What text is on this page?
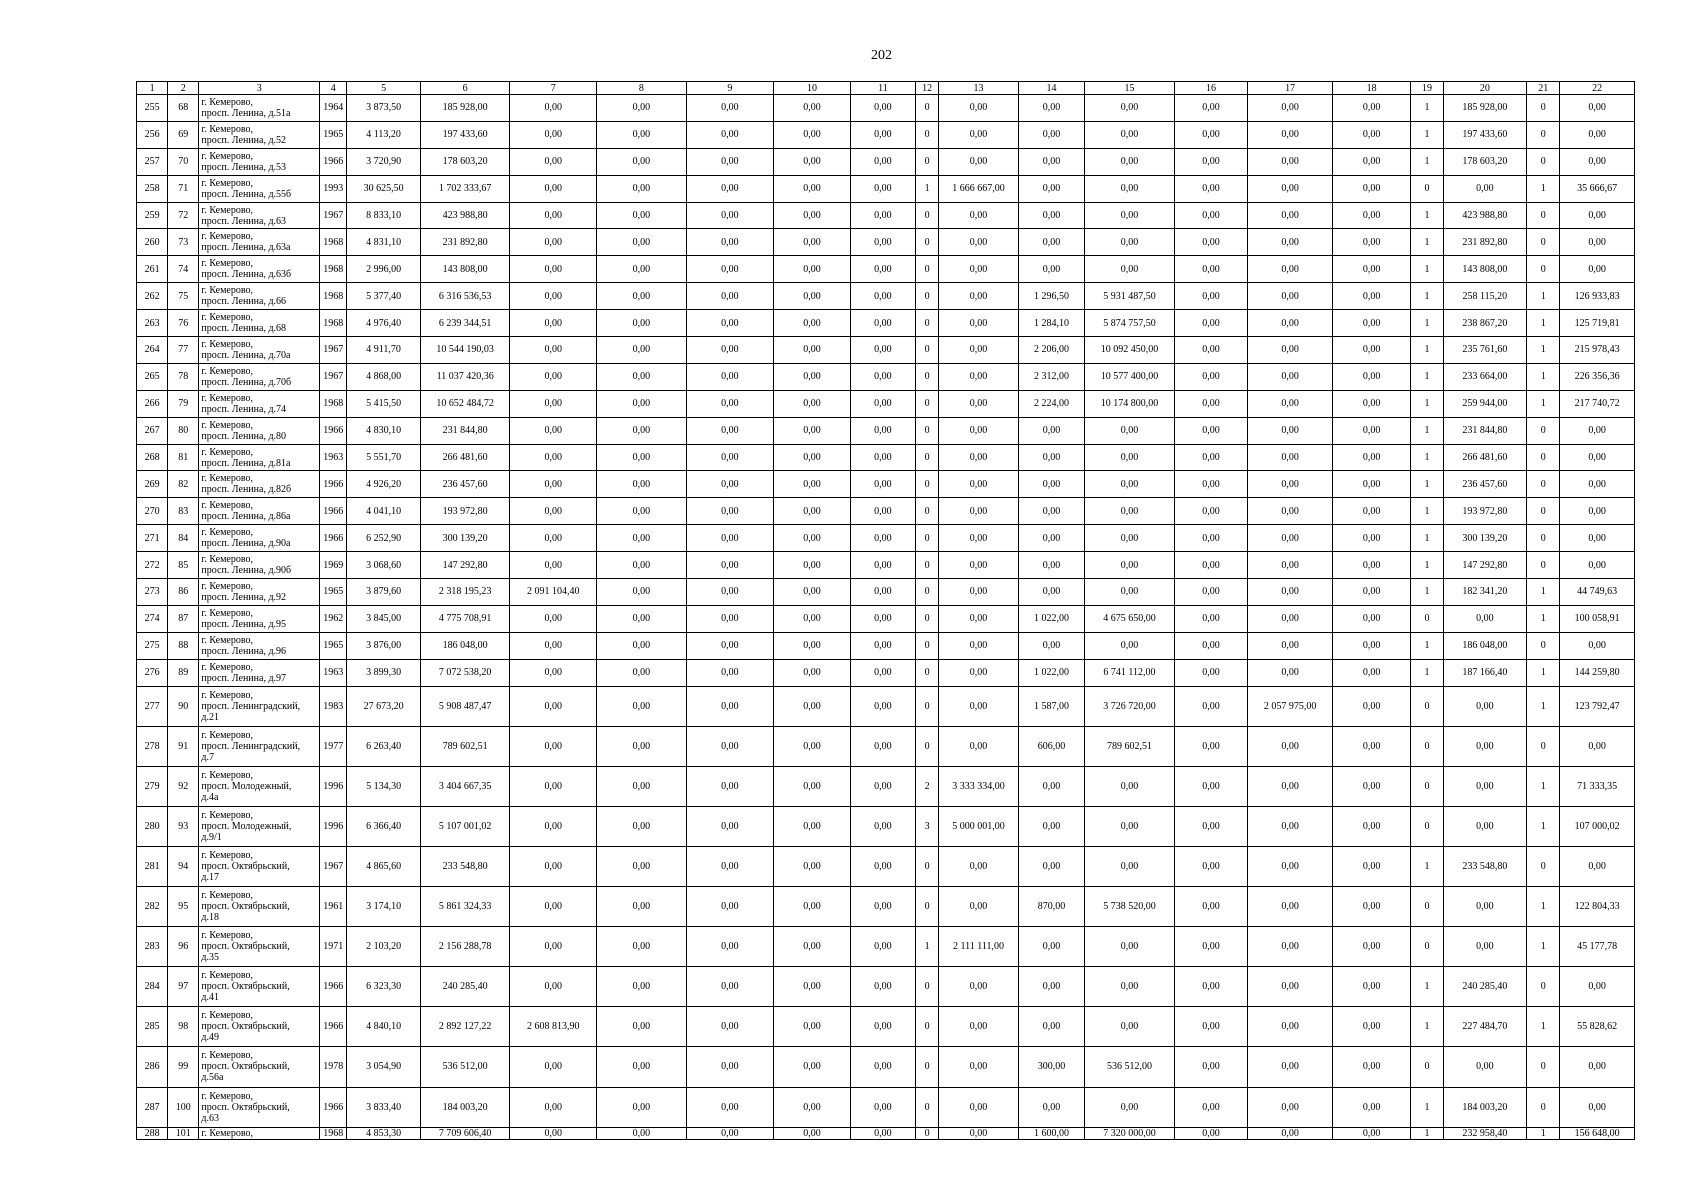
202
1	2	3	4	5	6	7	8	9	10	11	12	13	14	15	16	17	18	19	20	21	22
255	68	г. Кемерово,
просп. Ленина, д.51а	1964	3 873,50	185 928,00	0,00	0,00	0,00	0,00	0,00	0	0,00	0,00	0,00	0,00	0,00	0,00	1	185 928,00	0	0,00
256	69	г. Кемерово,
просп. Ленина, д.52	1965	4 113,20	197 433,60	0,00	0,00	0,00	0,00	0,00	0	0,00	0,00	0,00	0,00	0,00	0,00	1	197 433,60	0	0,00
257	70	г. Кемерово,
просп. Ленина, д.53	1966	3 720,90	178 603,20	0,00	0,00	0,00	0,00	0,00	0	0,00	0,00	0,00	0,00	0,00	0,00	1	178 603,20	0	0,00
258	71	г. Кемерово,
просп. Ленина, д.55б	1993	30 625,50	1 702 333,67	0,00	0,00	0,00	0,00	0,00	1	1 666 667,00	0,00	0,00	0,00	0,00	0,00	0	0,00	1	35 666,67
259	72	г. Кемерово,
просп. Ленина, д.63	1967	8 833,10	423 988,80	0,00	0,00	0,00	0,00	0,00	0	0,00	0,00	0,00	0,00	0,00	0,00	1	423 988,80	0	0,00
260	73	г. Кемерово,
просп. Ленина, д.63а	1968	4 831,10	231 892,80	0,00	0,00	0,00	0,00	0,00	0	0,00	0,00	0,00	0,00	0,00	0,00	1	231 892,80	0	0,00
261	74	г. Кемерово,
просп. Ленина, д.63б	1968	2 996,00	143 808,00	0,00	0,00	0,00	0,00	0,00	0	0,00	0,00	0,00	0,00	0,00	0,00	1	143 808,00	0	0,00
262	75	г. Кемерово,
просп. Ленина, д.66	1968	5 377,40	6 316 536,53	0,00	0,00	0,00	0,00	0,00	0	0,00	1 296,50	5 931 487,50	0,00	0,00	0,00	1	258 115,20	1	126 933,83
263	76	г. Кемерово,
просп. Ленина, д.68	1968	4 976,40	6 239 344,51	0,00	0,00	0,00	0,00	0,00	0	0,00	1 284,10	5 874 757,50	0,00	0,00	0,00	1	238 867,20	1	125 719,81
264	77	г. Кемерово,
просп. Ленина, д.70а	1967	4 911,70	10 544 190,03	0,00	0,00	0,00	0,00	0,00	0	0,00	2 206,00	10 092 450,00	0,00	0,00	0,00	1	235 761,60	1	215 978,43
265	78	г. Кемерово,
просп. Ленина, д.70б	1967	4 868,00	11 037 420,36	0,00	0,00	0,00	0,00	0,00	0	0,00	2 312,00	10 577 400,00	0,00	0,00	0,00	1	233 664,00	1	226 356,36
266	79	г. Кемерово,
просп. Ленина, д.74	1968	5 415,50	10 652 484,72	0,00	0,00	0,00	0,00	0,00	0	0,00	2 224,00	10 174 800,00	0,00	0,00	0,00	1	259 944,00	1	217 740,72
267	80	г. Кемерово,
просп. Ленина, д.80	1966	4 830,10	231 844,80	0,00	0,00	0,00	0,00	0,00	0	0,00	0,00	0,00	0,00	0,00	0,00	1	231 844,80	0	0,00
268	81	г. Кемерово,
просп. Ленина, д.81а	1963	5 551,70	266 481,60	0,00	0,00	0,00	0,00	0,00	0	0,00	0,00	0,00	0,00	0,00	0,00	1	266 481,60	0	0,00
269	82	г. Кемерово,
просп. Ленина, д.82б	1966	4 926,20	236 457,60	0,00	0,00	0,00	0,00	0,00	0	0,00	0,00	0,00	0,00	0,00	0,00	1	236 457,60	0	0,00
270	83	г. Кемерово,
просп. Ленина, д.86а	1966	4 041,10	193 972,80	0,00	0,00	0,00	0,00	0,00	0	0,00	0,00	0,00	0,00	0,00	0,00	1	193 972,80	0	0,00
271	84	г. Кемерово,
просп. Ленина, д.90а	1966	6 252,90	300 139,20	0,00	0,00	0,00	0,00	0,00	0	0,00	0,00	0,00	0,00	0,00	0,00	1	300 139,20	0	0,00
272	85	г. Кемерово,
просп. Ленина, д.90б	1969	3 068,60	147 292,80	0,00	0,00	0,00	0,00	0,00	0	0,00	0,00	0,00	0,00	0,00	0,00	1	147 292,80	0	0,00
273	86	г. Кемерово,
просп. Ленина, д.92	1965	3 879,60	2 318 195,23	2 091 104,40	0,00	0,00	0,00	0,00	0	0,00	0,00	0,00	0,00	0,00	0,00	1	182 341,20	1	44 749,63
274	87	г. Кемерово,
просп. Ленина, д.95	1962	3 845,00	4 775 708,91	0,00	0,00	0,00	0,00	0,00	0	0,00	1 022,00	4 675 650,00	0,00	0,00	0,00	0	0,00	1	100 058,91
275	88	г. Кемерово,
просп. Ленина, д.96	1965	3 876,00	186 048,00	0,00	0,00	0,00	0,00	0,00	0	0,00	0,00	0,00	0,00	0,00	0,00	1	186 048,00	0	0,00
276	89	г. Кемерово,
просп. Ленина, д.97	1963	3 899,30	7 072 538,20	0,00	0,00	0,00	0,00	0,00	0	0,00	1 022,00	6 741 112,00	0,00	0,00	0,00	1	187 166,40	1	144 259,80
277	90	г. Кемерово,
просп. Ленинградский,
д.21	1983	27 673,20	5 908 487,47	0,00	0,00	0,00	0,00	0,00	0	0,00	1 587,00	3 726 720,00	0,00	2 057 975,00	0,00	0	0,00	1	123 792,47
278	91	г. Кемерово,
просп. Ленинградский,
д.7	1977	6 263,40	789 602,51	0,00	0,00	0,00	0,00	0,00	0	0,00	606,00	789 602,51	0,00	0,00	0,00	0	0,00	0	0,00
279	92	г. Кемерово,
просп. Молодежный,
д.4а	1996	5 134,30	3 404 667,35	0,00	0,00	0,00	0,00	0,00	2	3 333 334,00	0,00	0,00	0,00	0,00	0,00	0	0,00	1	71 333,35
280	93	г. Кемерово,
просп. Молодежный,
д.9/1	1996	6 366,40	5 107 001,02	0,00	0,00	0,00	0,00	0,00	3	5 000 001,00	0,00	0,00	0,00	0,00	0,00	0	0,00	1	107 000,02
281	94	г. Кемерово,
просп. Октябрьский,
д.17	1967	4 865,60	233 548,80	0,00	0,00	0,00	0,00	0,00	0	0,00	0,00	0,00	0,00	0,00	0,00	1	233 548,80	0	0,00
282	95	г. Кемерово,
просп. Октябрьский,
д.18	1961	3 174,10	5 861 324,33	0,00	0,00	0,00	0,00	0,00	0	0,00	870,00	5 738 520,00	0,00	0,00	0,00	0	0,00	1	122 804,33
283	96	г. Кемерово,
просп. Октябрьский,
д.35	1971	2 103,20	2 156 288,78	0,00	0,00	0,00	0,00	0,00	1	2 111 111,00	0,00	0,00	0,00	0,00	0,00	0	0,00	1	45 177,78
284	97	г. Кемерово,
просп. Октябрьский,
д.41	1966	6 323,30	240 285,40	0,00	0,00	0,00	0,00	0,00	0	0,00	0,00	0,00	0,00	0,00	0,00	1	240 285,40	0	0,00
285	98	г. Кемерово,
просп. Октябрьский,
д.49	1966	4 840,10	2 892 127,22	2 608 813,90	0,00	0,00	0,00	0,00	0	0,00	0,00	0,00	0,00	0,00	0,00	1	227 484,70	1	55 828,62
286	99	г. Кемерово,
просп. Октябрьский,
д.56а	1978	3 054,90	536 512,00	0,00	0,00	0,00	0,00	0,00	0	0,00	300,00	536 512,00	0,00	0,00	0,00	0	0,00	0	0,00
287	100	г. Кемерово,
просп. Октябрьский,
д.63	1966	3 833,40	184 003,20	0,00	0,00	0,00	0,00	0,00	0	0,00	0,00	0,00	0,00	0,00	0,00	1	184 003,20	0	0,00
288	101	г. Кемерово,	1968	4 853,30	7 709 606,40	0,00	0,00	0,00	0,00	0,00	0	0,00	1 600,00	7 320 000,00	0,00	0,00	0,00	1	232 958,40	1	156 648,00
